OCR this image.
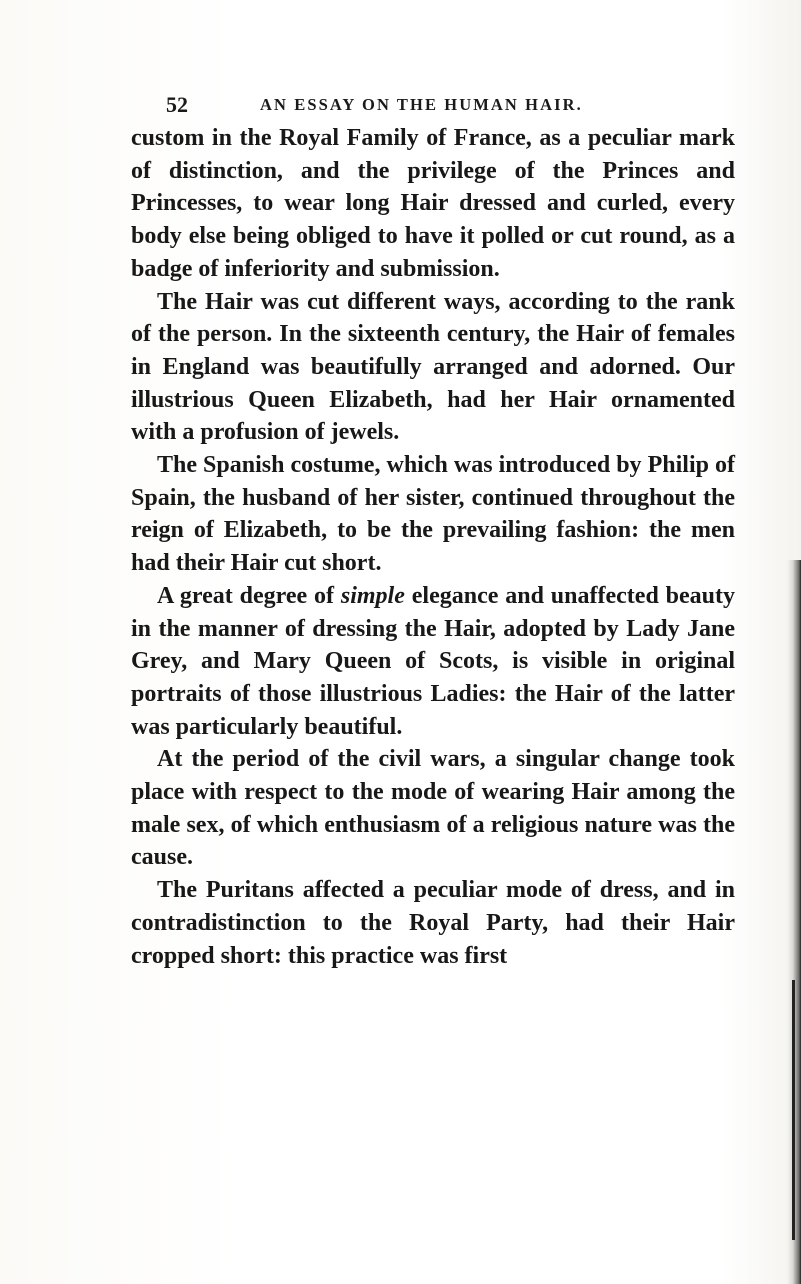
52	AN ESSAY ON THE HUMAN HAIR.

custom in the Royal Family of France, as a peculiar mark of distinction, and the privilege of the Princes and Princesses, to wear long Hair dressed and curled, every body else being obliged to have it polled or cut round, as a badge of inferiority and submission.

The Hair was cut different ways, according to the rank of the person. In the sixteenth century, the Hair of females in England was beautifully arranged and adorned. Our illustrious Queen Elizabeth, had her Hair ornamented with a profusion of jewels.

The Spanish costume, which was introduced by Philip of Spain, the husband of her sister, continued throughout the reign of Elizabeth, to be the prevailing fashion: the men had their Hair cut short.

A great degree of simple elegance and unaffected beauty in the manner of dressing the Hair, adopted by Lady Jane Grey, and Mary Queen of Scots, is visible in original portraits of those illustrious Ladies: the Hair of the latter was particularly beautiful.

At the period of the civil wars, a singular change took place with respect to the mode of wearing Hair among the male sex, of which enthusiasm of a religious nature was the cause.

The Puritans affected a peculiar mode of dress, and in contradistinction to the Royal Party, had their Hair cropped short: this practice was first
